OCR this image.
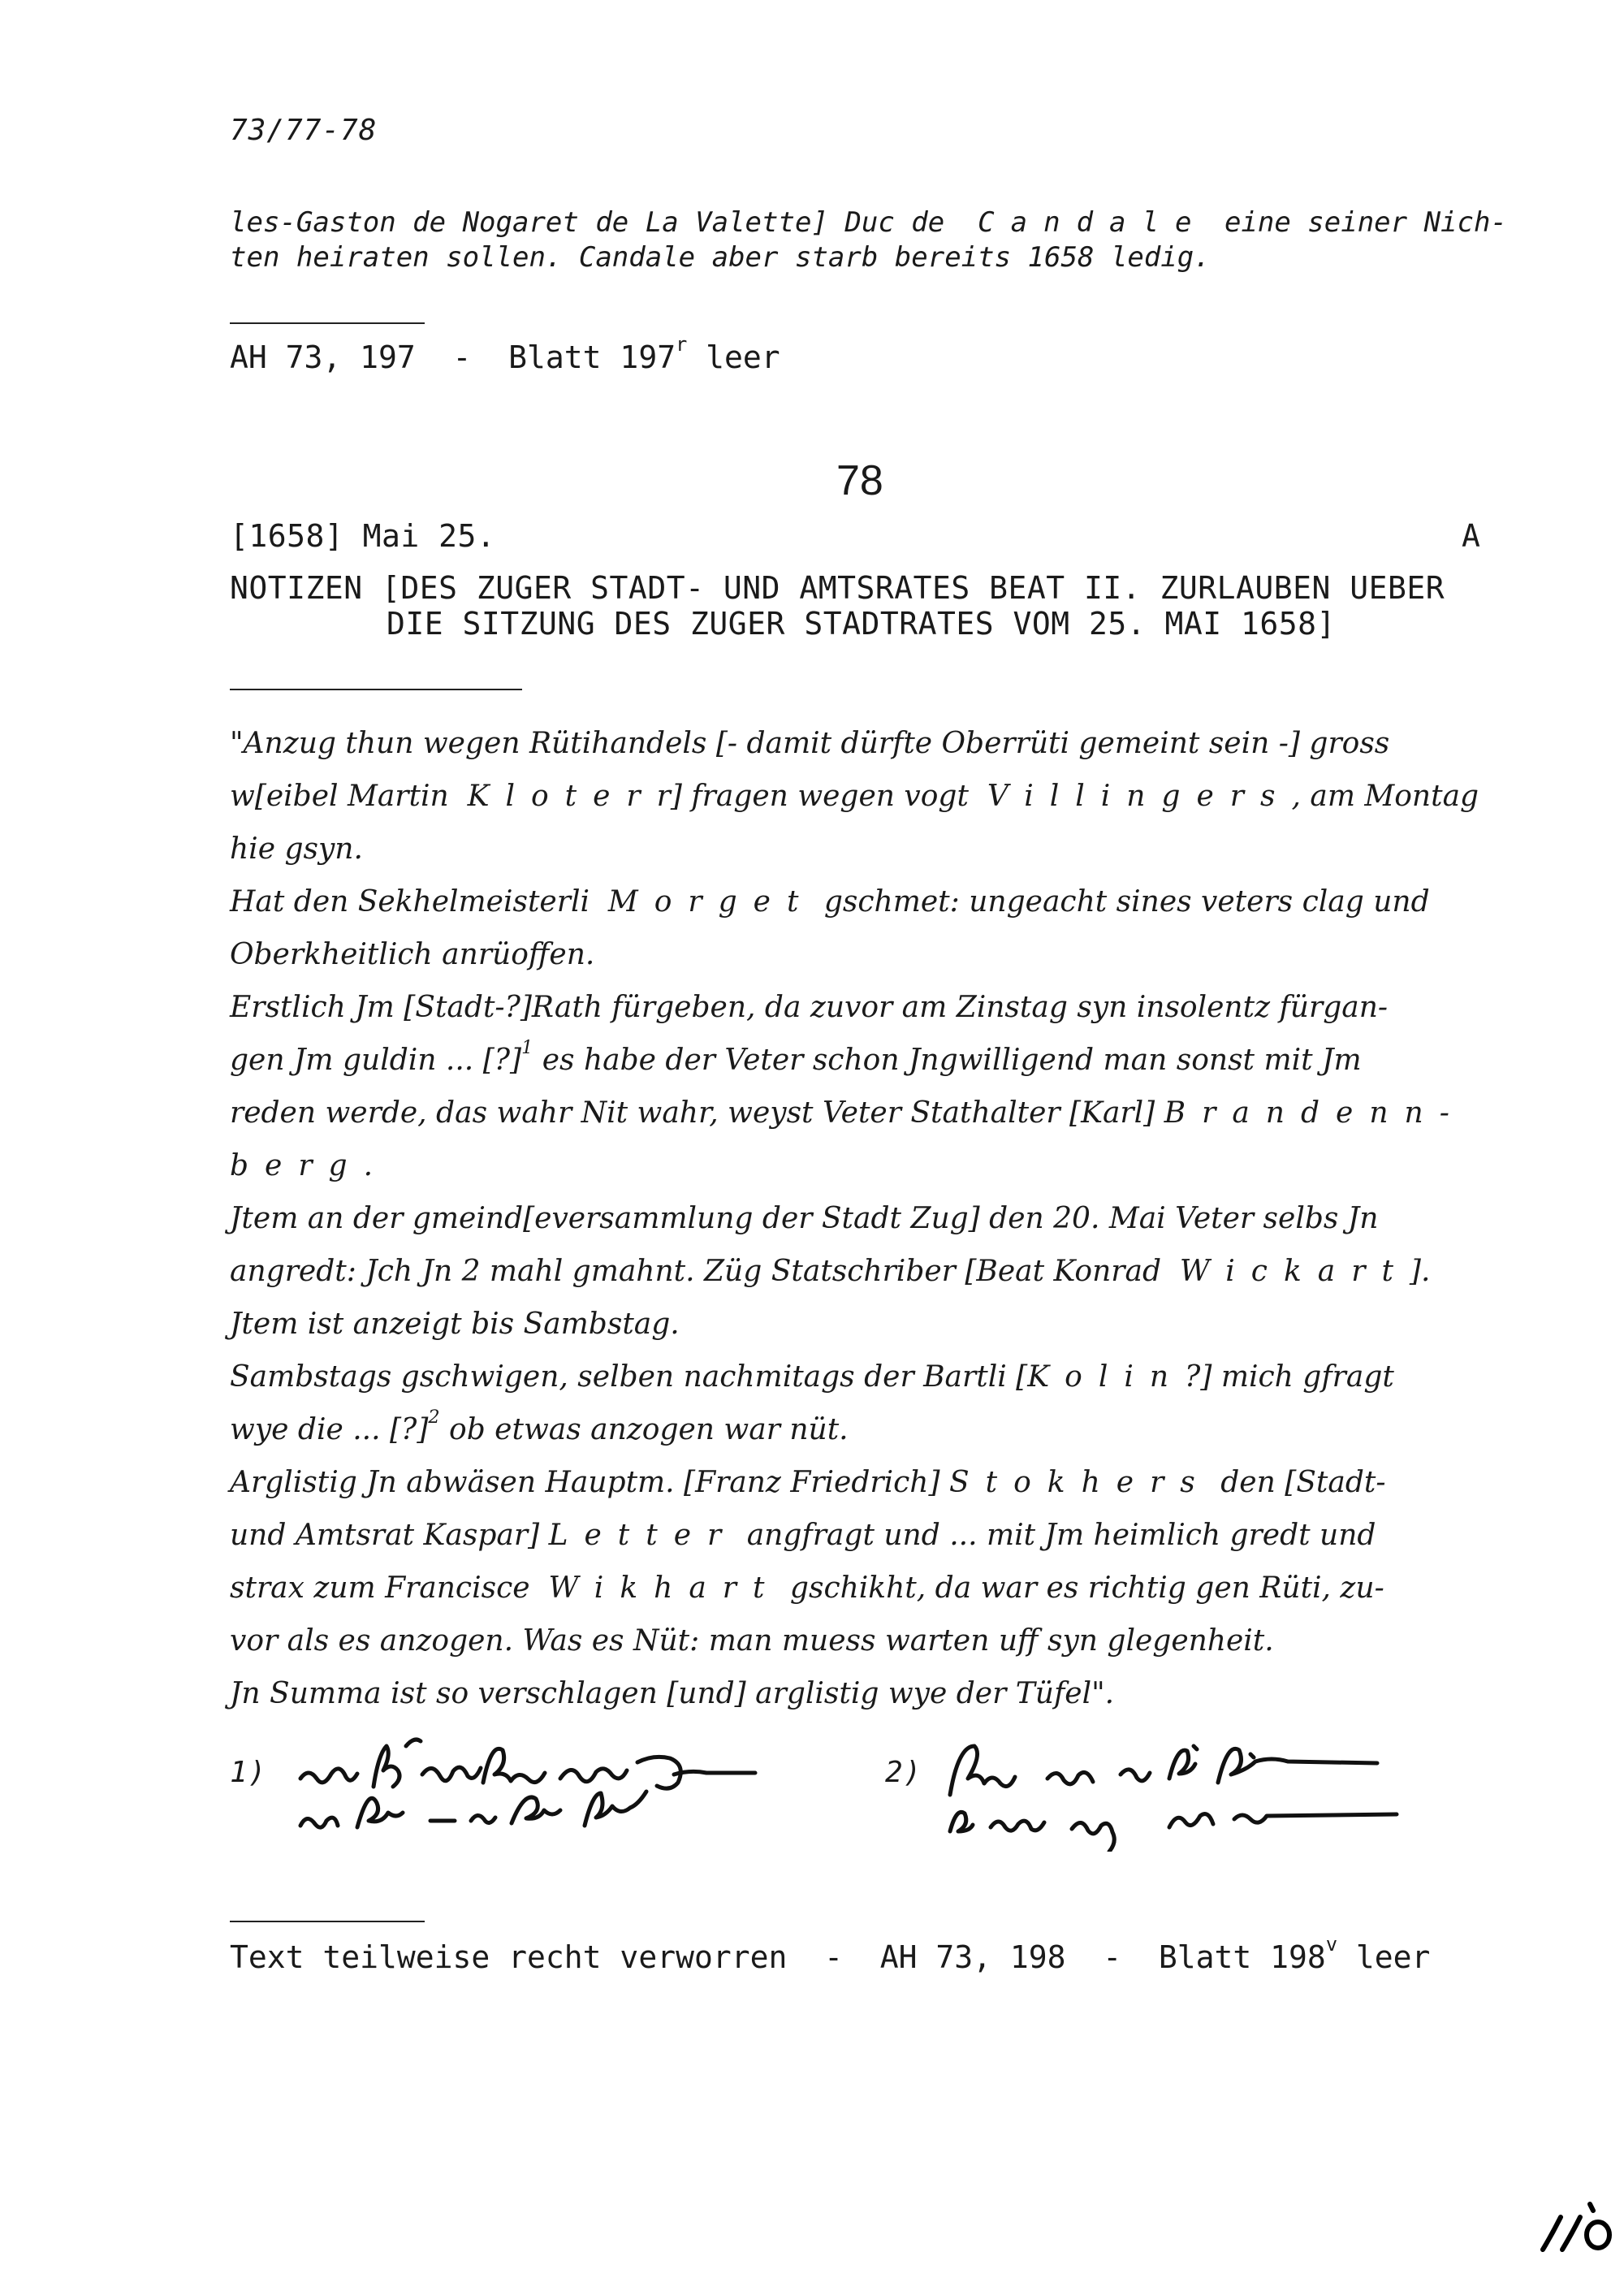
73/77-78
les-Gaston de Nogaret de La Valette] Duc de Candale eine seiner Nich-
ten heiraten sollen. Candale aber starb bereits 1658 ledig.
AH 73, 197  -  Blatt 197$^r$ leer
78
[1658] Mai 25.	A
NOTIZEN [DES ZUGER STADT- UND AMTSRATES BEAT II. ZURLAUBEN UEBER
DIE SITZUNG DES ZUGER STADTRATES VOM 25. MAI 1658]
"Anzug thun wegen Rütihandels [- damit dürfte Oberrüti gemeint sein -] gross
w[eibel Martin Kloterr] fragen wegen vogt Villingers, am Montag
hie gsyn.
Hat den Sekhelmeisterli Morget gschmet: ungeacht sines veters clag und
Oberkheitlich anrüoffen.
Erstlich Jm [Stadt-?]Rath fürgeben, da zuvor am Zinstag syn insolentz fürgan-
gen Jm guldin ... [?]$^1$ es habe der Veter schon Jngwilligend man sonst mit Jm
reden werde, das wahr Nit wahr, weyst Veter Stathalter [Karl] Brandenn-
berg.
Jtem an der gmeind[eversammlung der Stadt Zug] den 20. Mai Veter selbs Jn
angredt: Jch Jn 2 mahl gmahnt. Züg Statschriber [Beat Konrad Wickart].
Jtem ist anzeigt bis Sambstag.
Sambstags gschwigen, selben nachmitags der Bartli [Kolin?] mich gfragt
wye die ... [?]$^2$ ob etwas anzogen war nüt.
Arglistig Jn abwäsen Hauptm. [Franz Friedrich] Stokhers den [Stadt-
und Amtsrat Kaspar] Letter angfragt und ... mit Jm heimlich gredt und
strax zum Francisce Wikhart gschikht, da war es richtig gen Rüti, zu-
vor als es anzogen. Was es Nüt: man muess warten uff syn glegenheit.
Jn Summa ist so verschlagen [und] arglistig wye der Tüfel".
1)	2)
Text teilweise recht verworren  -  AH 73, 198  -  Blatt 198$^v$ leer
